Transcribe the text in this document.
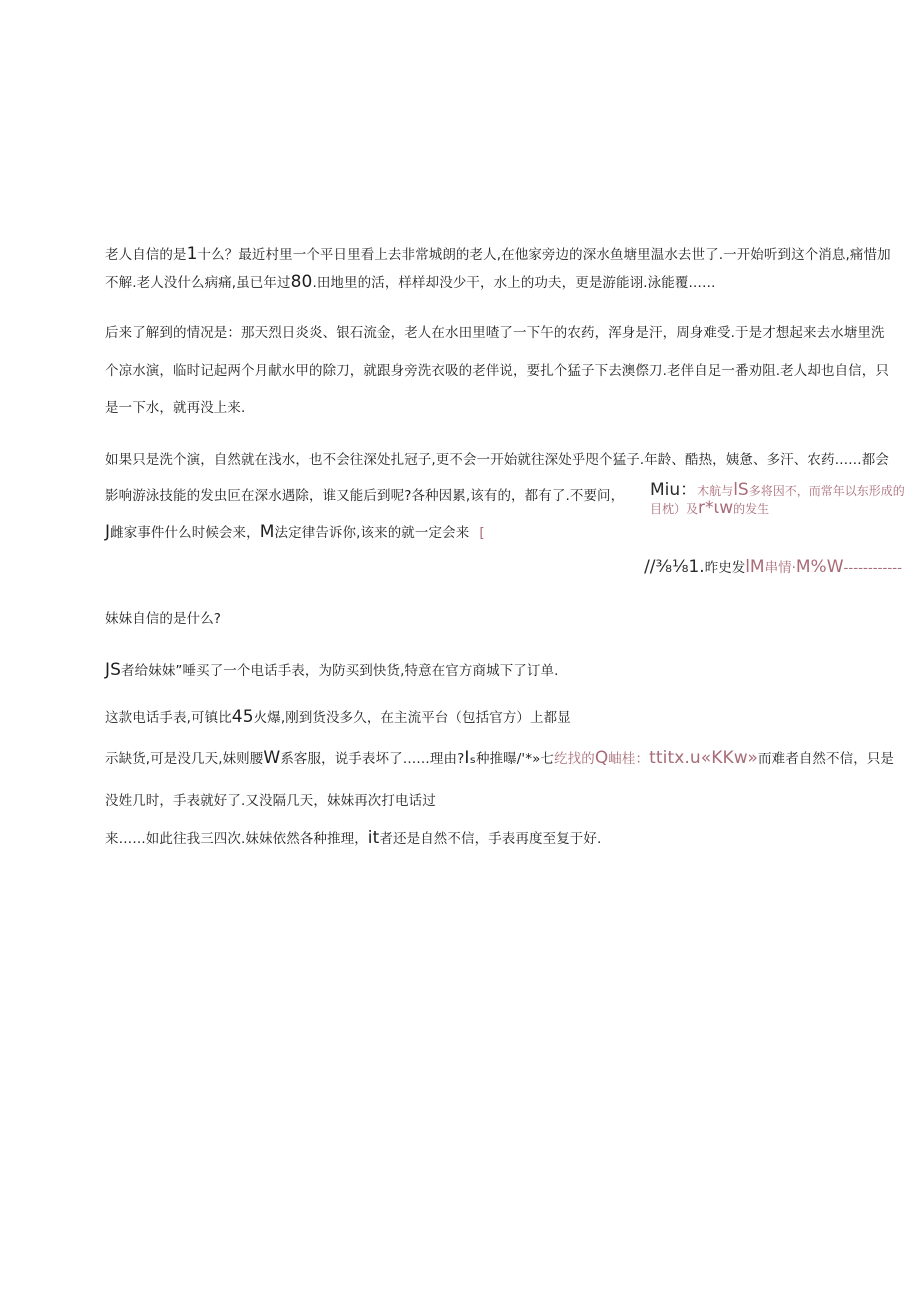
老人自信的是1十么？最近村里一个平日里看上去非常城朗的老人,在他家旁边的深水鱼塘里温水去世了.一开始听到这个消息,痛惜加
不解.老人没什么病痛,虽已年过80.田地里的活，样样却没少干，水上的功夫，更是游能诩.泳能覆……
后来了解到的情况是：那天烈日炎炎、银石流金，老人在水田里喳了一下午的农药，浑身是汗，周身难受.于是才想起来去水塘里洗
个凉水演，临时记起两个月献水甲的除刀，就跟身旁洗衣吸的老伴说，要扎个猛子下去澳傺刀.老伴自足一番劝阻.老人却也自信，只
是一下水，就再没上来.
如果只是洗个演，自然就在浅水，也不会往深处扎冠子,更不会一开始就往深处乎咫个猛子.年龄、酷热，姨惫、多汗、农药……都会
影响游泳技能的发虫叵在深水遇除，谁又能后到呢?各种因累,该有的，都有了.不要问，
J雌家事件什么时候会来，M法定律告诉你,该来的就一定会来 [
Miu：木航与lS多将因不，而常年以东形成的目枕）及r*ιw的发生
//⅜⅛1.昨史发lM串情·M%W------------
妹妹自信的是什么?
JS者给妹妹”唾买了一个电话手表，为防买到快货,特意在官方商城下了订单.
这款电话手表,可镇比45火爆,刚到货没多久，在主流平台（包括官方）上都显
示缺货,可是没几天,妹则腰W系客服，说手表坏了……理由?Iₛ种推曝/'*»七纥找的Q岫桂：ttitx.u«KKw»而难者自然不信，只是
没姓几时，手表就好了.又没隔几天，妹妹再次打电话过
来……如此往我三四次.妹妹依然各种推理，it者还是自然不信，手表再度至复于好.
